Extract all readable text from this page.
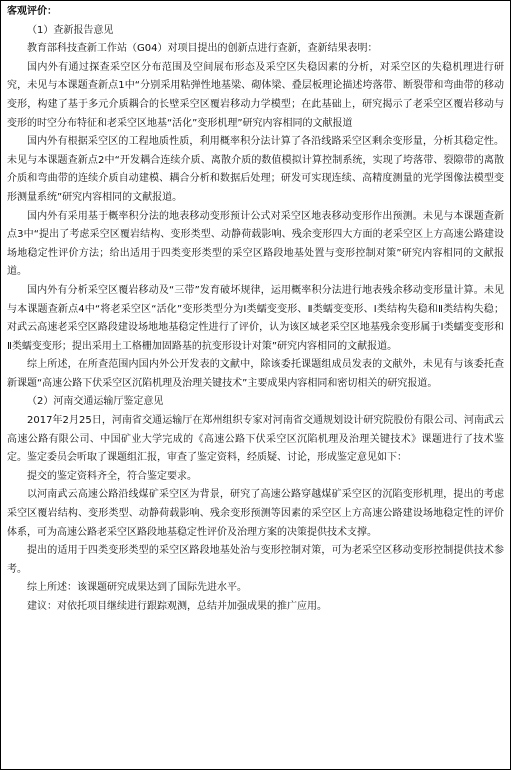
客观评价：

（1）查新报告意见

教育部科技查新工作站（G04）对项目提出的创新点进行查新，查新结果表明：

国内外有通过探查采空区分布范围及空间展布形态及采空区失稳因素的分析，对采空区的失稳机理进行研究，未见与本课题查新点1中“分别采用粘弹性地基梁、砌体梁、叠层板理论描述垮落带、断裂带和弯曲带的移动变形，构建了基于多元介质耦合的长壁采空区覆岩移动力学模型；在此基础上，研究揭示了老采空区覆岩移动与变形的时空分布特征和老采空区地基“活化”变形机理”研究内容相同的文献报道

国内外有根据采空区的工程地质性质，利用概率积分法计算了各沿线路采空区剩余变形量，分析其稳定性。未见与本课题查新点2中“开发耦合连续介质、离散介质的数值模拟计算控制系统，实现了垮落带、裂隙带的离散介质和弯曲带的连续介质自动建模、耦合分析和数据后处理；研发可实现连续、高精度测量的光学图像法模型变形测量系统”研究内容相同的文献报道。

国内外有采用基于概率积分法的地表移动变形预计公式对采空区地表移动变形作出预测。未见与本课题查新点3中“提出了考虑采空区覆岩结构、变形类型、动静荷载影响、残余变形四大方面的老采空区上方高速公路建设场地稳定性评价方法；给出适用于四类变形类型的采空区路段地基处置与变形控制对策”研究内容相同的文献报道。

国内外有分析采空区覆岩移动及“三带”发育破坏规律，运用概率积分法进行地表残余移动变形量计算。未见与本课题查新点4中“将老采空区“活化”变形类型分为Ⅰ类蠕变变形、Ⅱ类蠕变变形、Ⅰ类结构失稳和Ⅱ类结构失稳；对武云高速老采空区路段建设场地地基稳定性进行了评价，认为该区域老采空区地基残余变形属于Ⅰ类蠕变变形和Ⅱ类蠕变变形；提出采用土工格栅加固路基的抗变形设计对策”研究内容相同的文献报道。

综上所述，在所查范围内国内外公开发表的文献中，除该委托课题组成员发表的文献外，未见有与该委托查新课题“高速公路下伏采空区沉陷机理及治理关键技术”主要成果内容相同和密切相关的研究报道。

（2）河南交通运输厅鉴定意见

2017年2月25日，河南省交通运输厅在郑州组织专家对河南省交通规划设计研究院股份有限公司、河南武云高速公路有限公司、中国矿业大学完成的《高速公路下伏采空区沉陷机理及治理关键技术》课题进行了技术鉴定。鉴定委员会听取了课题组汇报，审查了鉴定资料，经质疑、讨论，形成鉴定意见如下：

提交的鉴定资料齐全，符合鉴定要求。

以河南武云高速公路沿线煤矿采空区为背景，研究了高速公路穿越煤矿采空区的沉陷变形机理，提出的考虑采空区覆岩结构、变形类型、动静荷载影响、残余变形预测等因素的采空区上方高速公路建设场地稳定性的评价体系，可为高速公路老采空区路段地基稳定性评价及治理方案的决策提供技术支撑。

提出的适用于四类变形类型的采空区路段地基处治与变形控制对策，可为老采空区移动变形控制提供技术参考。

综上所述：该课题研究成果达到了国际先进水平。

建议：对依托项目继续进行跟踪观测，总结并加强成果的推广应用。
